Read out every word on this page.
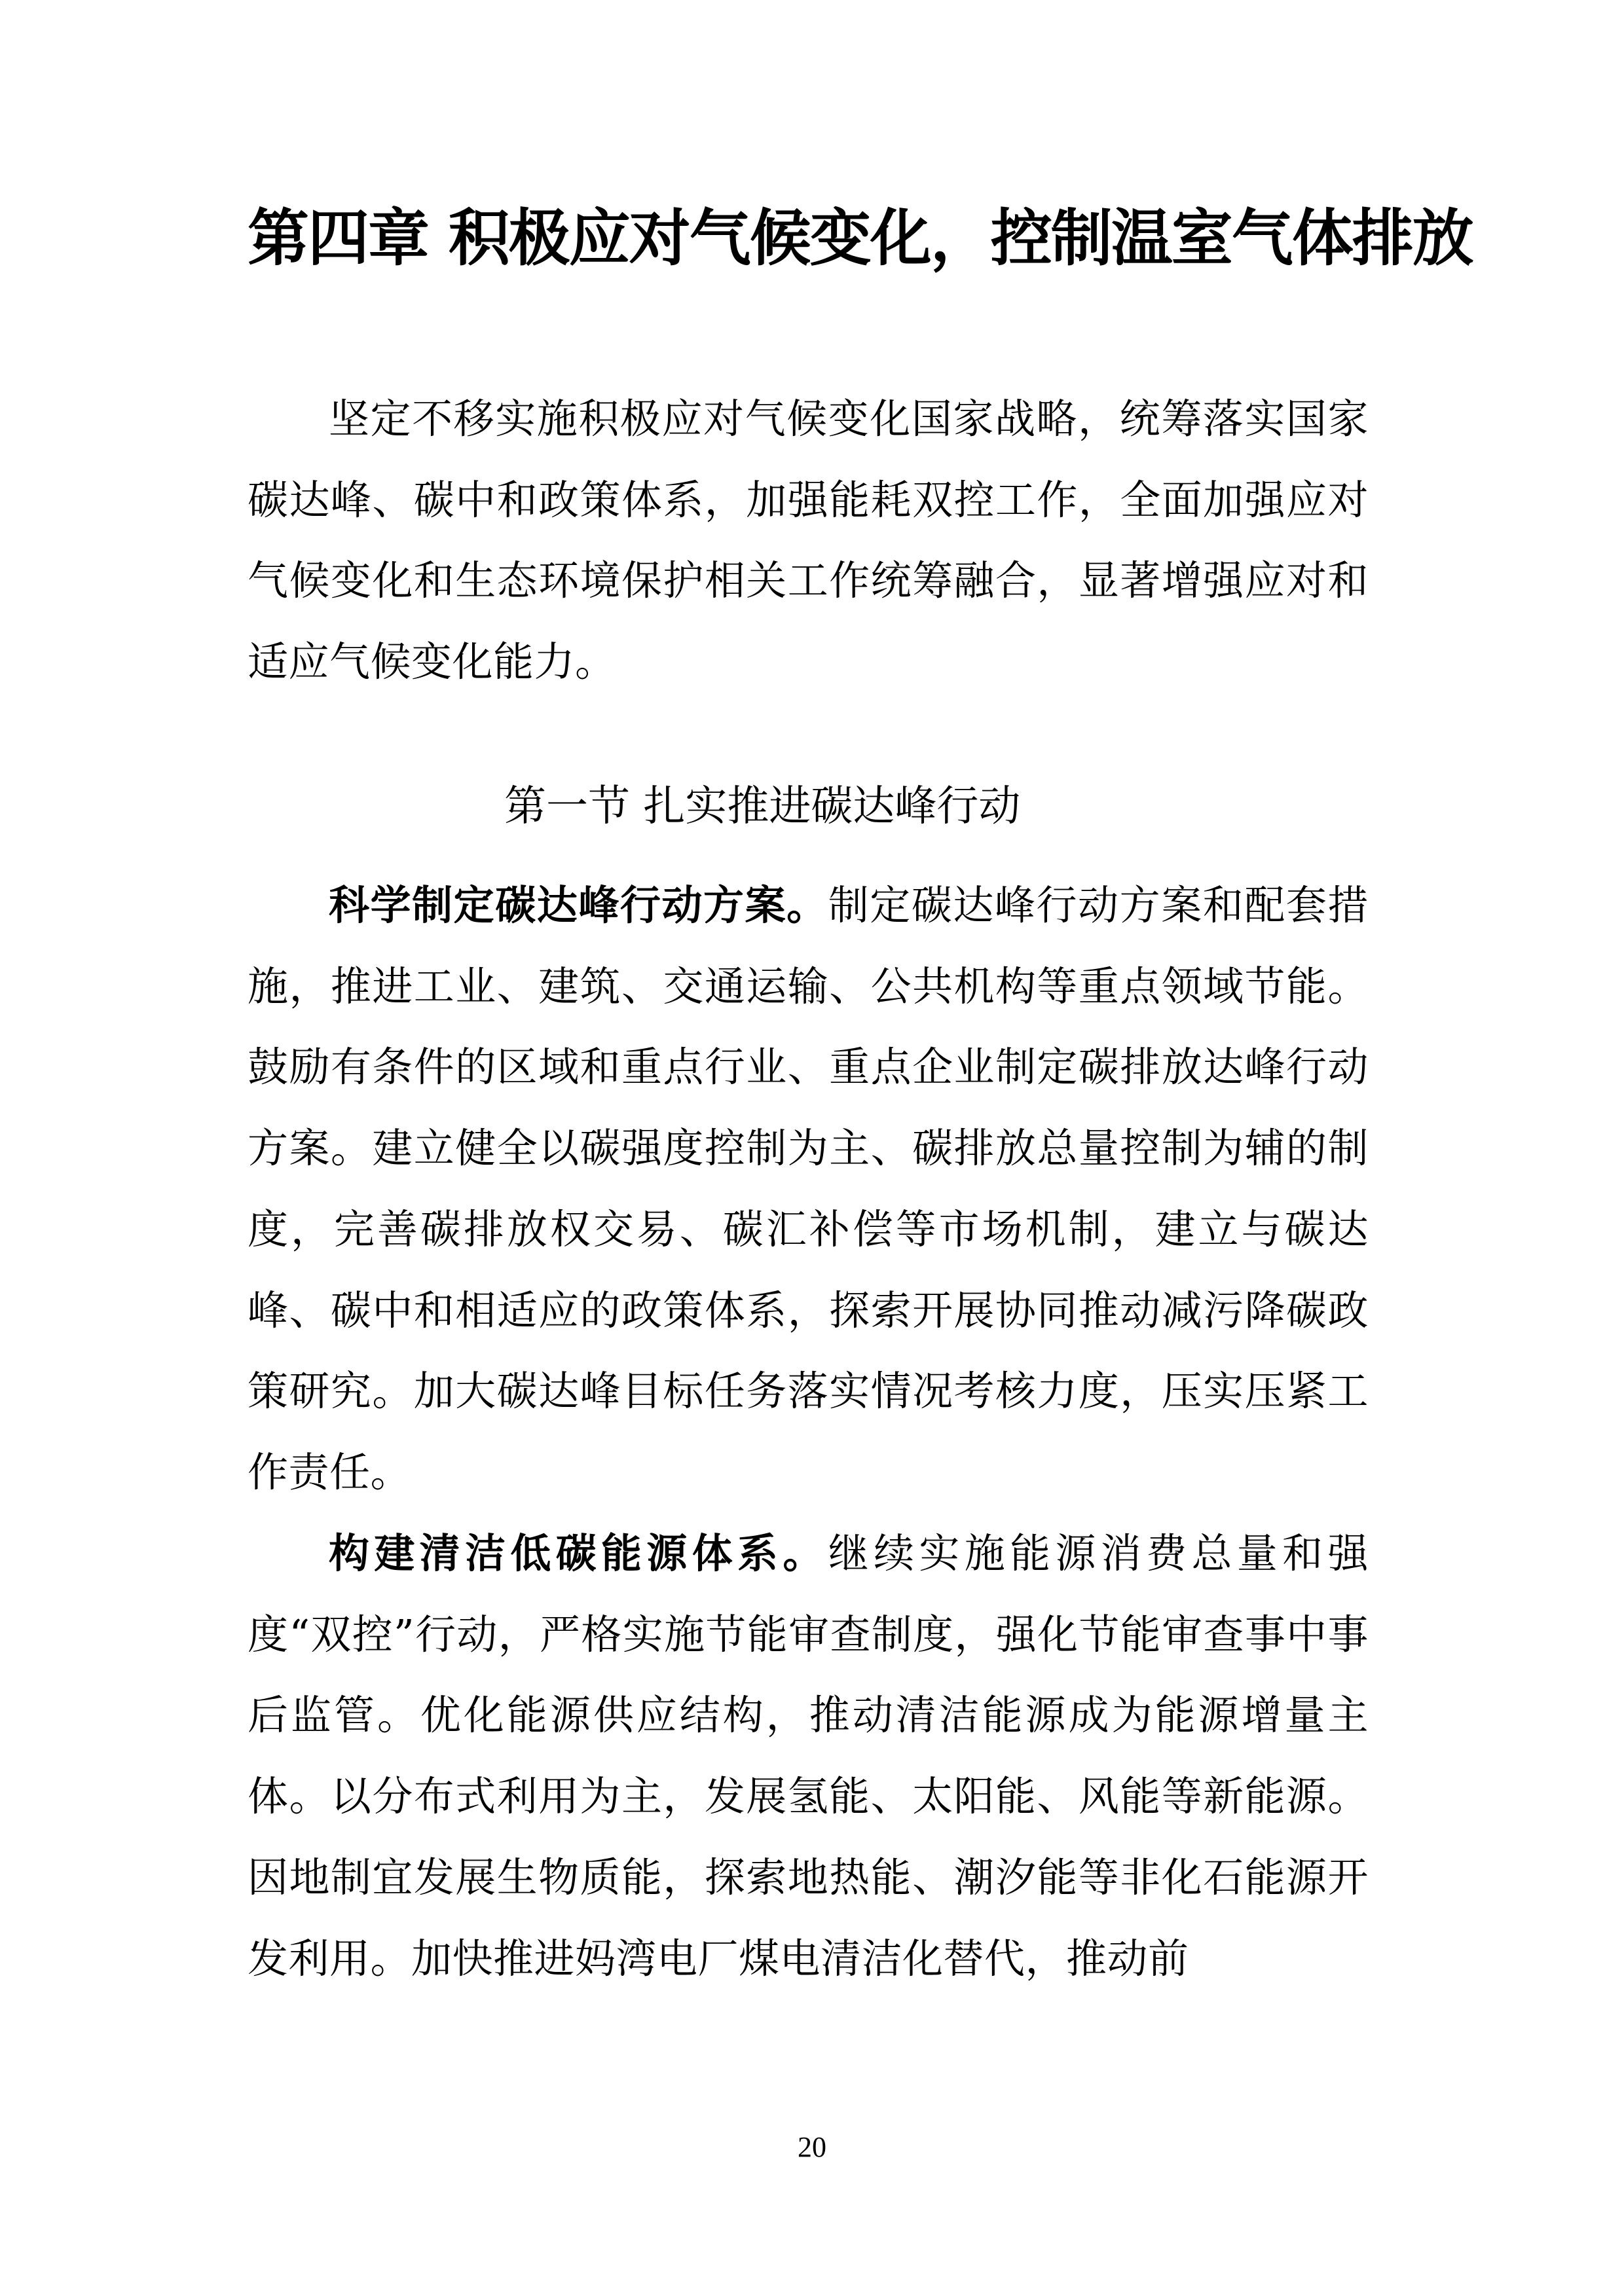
第四章 积极应对气候变化，控制温室气体排放

坚定不移实施积极应对气候变化国家战略，统筹落实国家碳达峰、碳中和政策体系，加强能耗双控工作，全面加强应对气候变化和生态环境保护相关工作统筹融合，显著增强应对和适应气候变化能力。

第一节 扎实推进碳达峰行动

科学制定碳达峰行动方案。制定碳达峰行动方案和配套措施，推进工业、建筑、交通运输、公共机构等重点领域节能。鼓励有条件的区域和重点行业、重点企业制定碳排放达峰行动方案。建立健全以碳强度控制为主、碳排放总量控制为辅的制度，完善碳排放权交易、碳汇补偿等市场机制，建立与碳达峰、碳中和相适应的政策体系，探索开展协同推动减污降碳政策研究。加大碳达峰目标任务落实情况考核力度，压实压紧工作责任。

构建清洁低碳能源体系。继续实施能源消费总量和强度“双控”行动，严格实施节能审查制度，强化节能审查事中事后监管。优化能源供应结构，推动清洁能源成为能源增量主体。以分布式利用为主，发展氢能、太阳能、风能等新能源。因地制宜发展生物质能，探索地热能、潮汐能等非化石能源开发利用。加快推进妈湾电厂煤电清洁化替代，推动前

20
